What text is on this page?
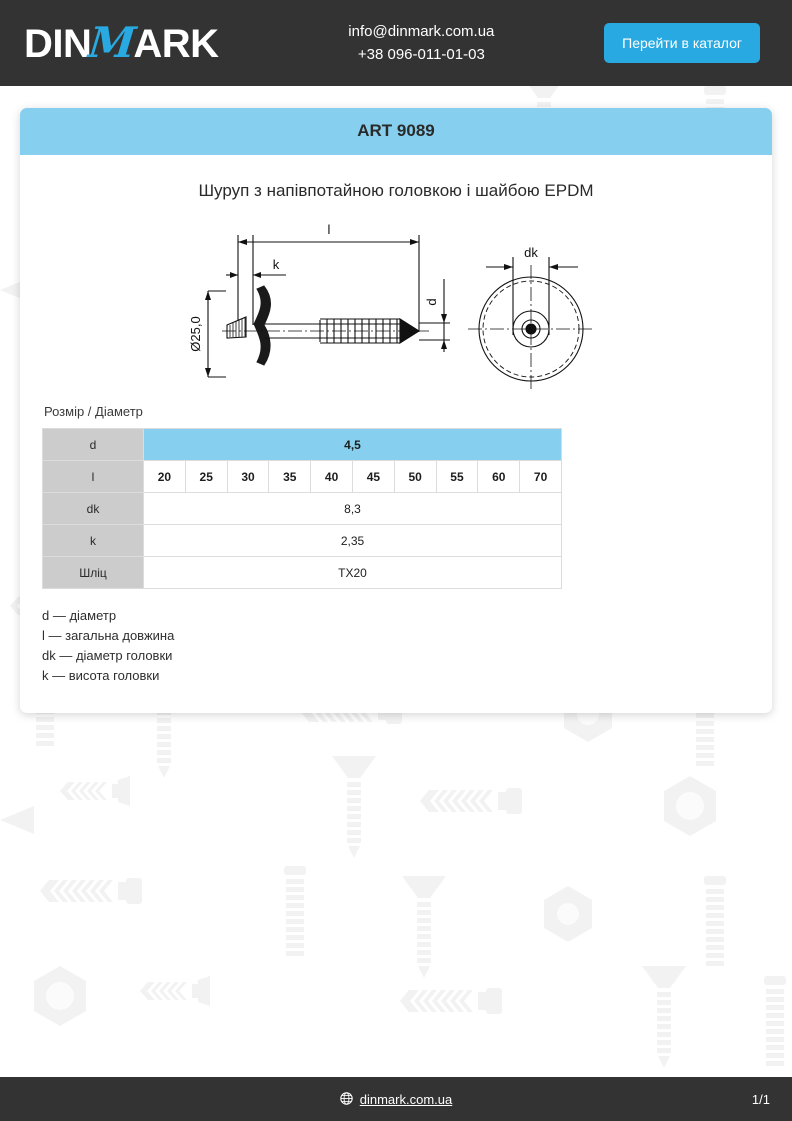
DIN
M
ARK	info@dinmark.com.ua
+38 096-011-01-03
Перейти в каталог
ART 9089
Шуруп з напівпотайною головкою і шайбою EPDM
l
k
Ø25,0
d
dk
Розмір / Діаметр
d	4,5									
l	20	25	30	35	40	45	50	55	60	70
dk	8,3									
k	2,35									
Шліц	TX20									
d — діаметр
l — загальна довжина
dk — діаметр головки
k — висота головки
dinmark.com.ua	1/1
